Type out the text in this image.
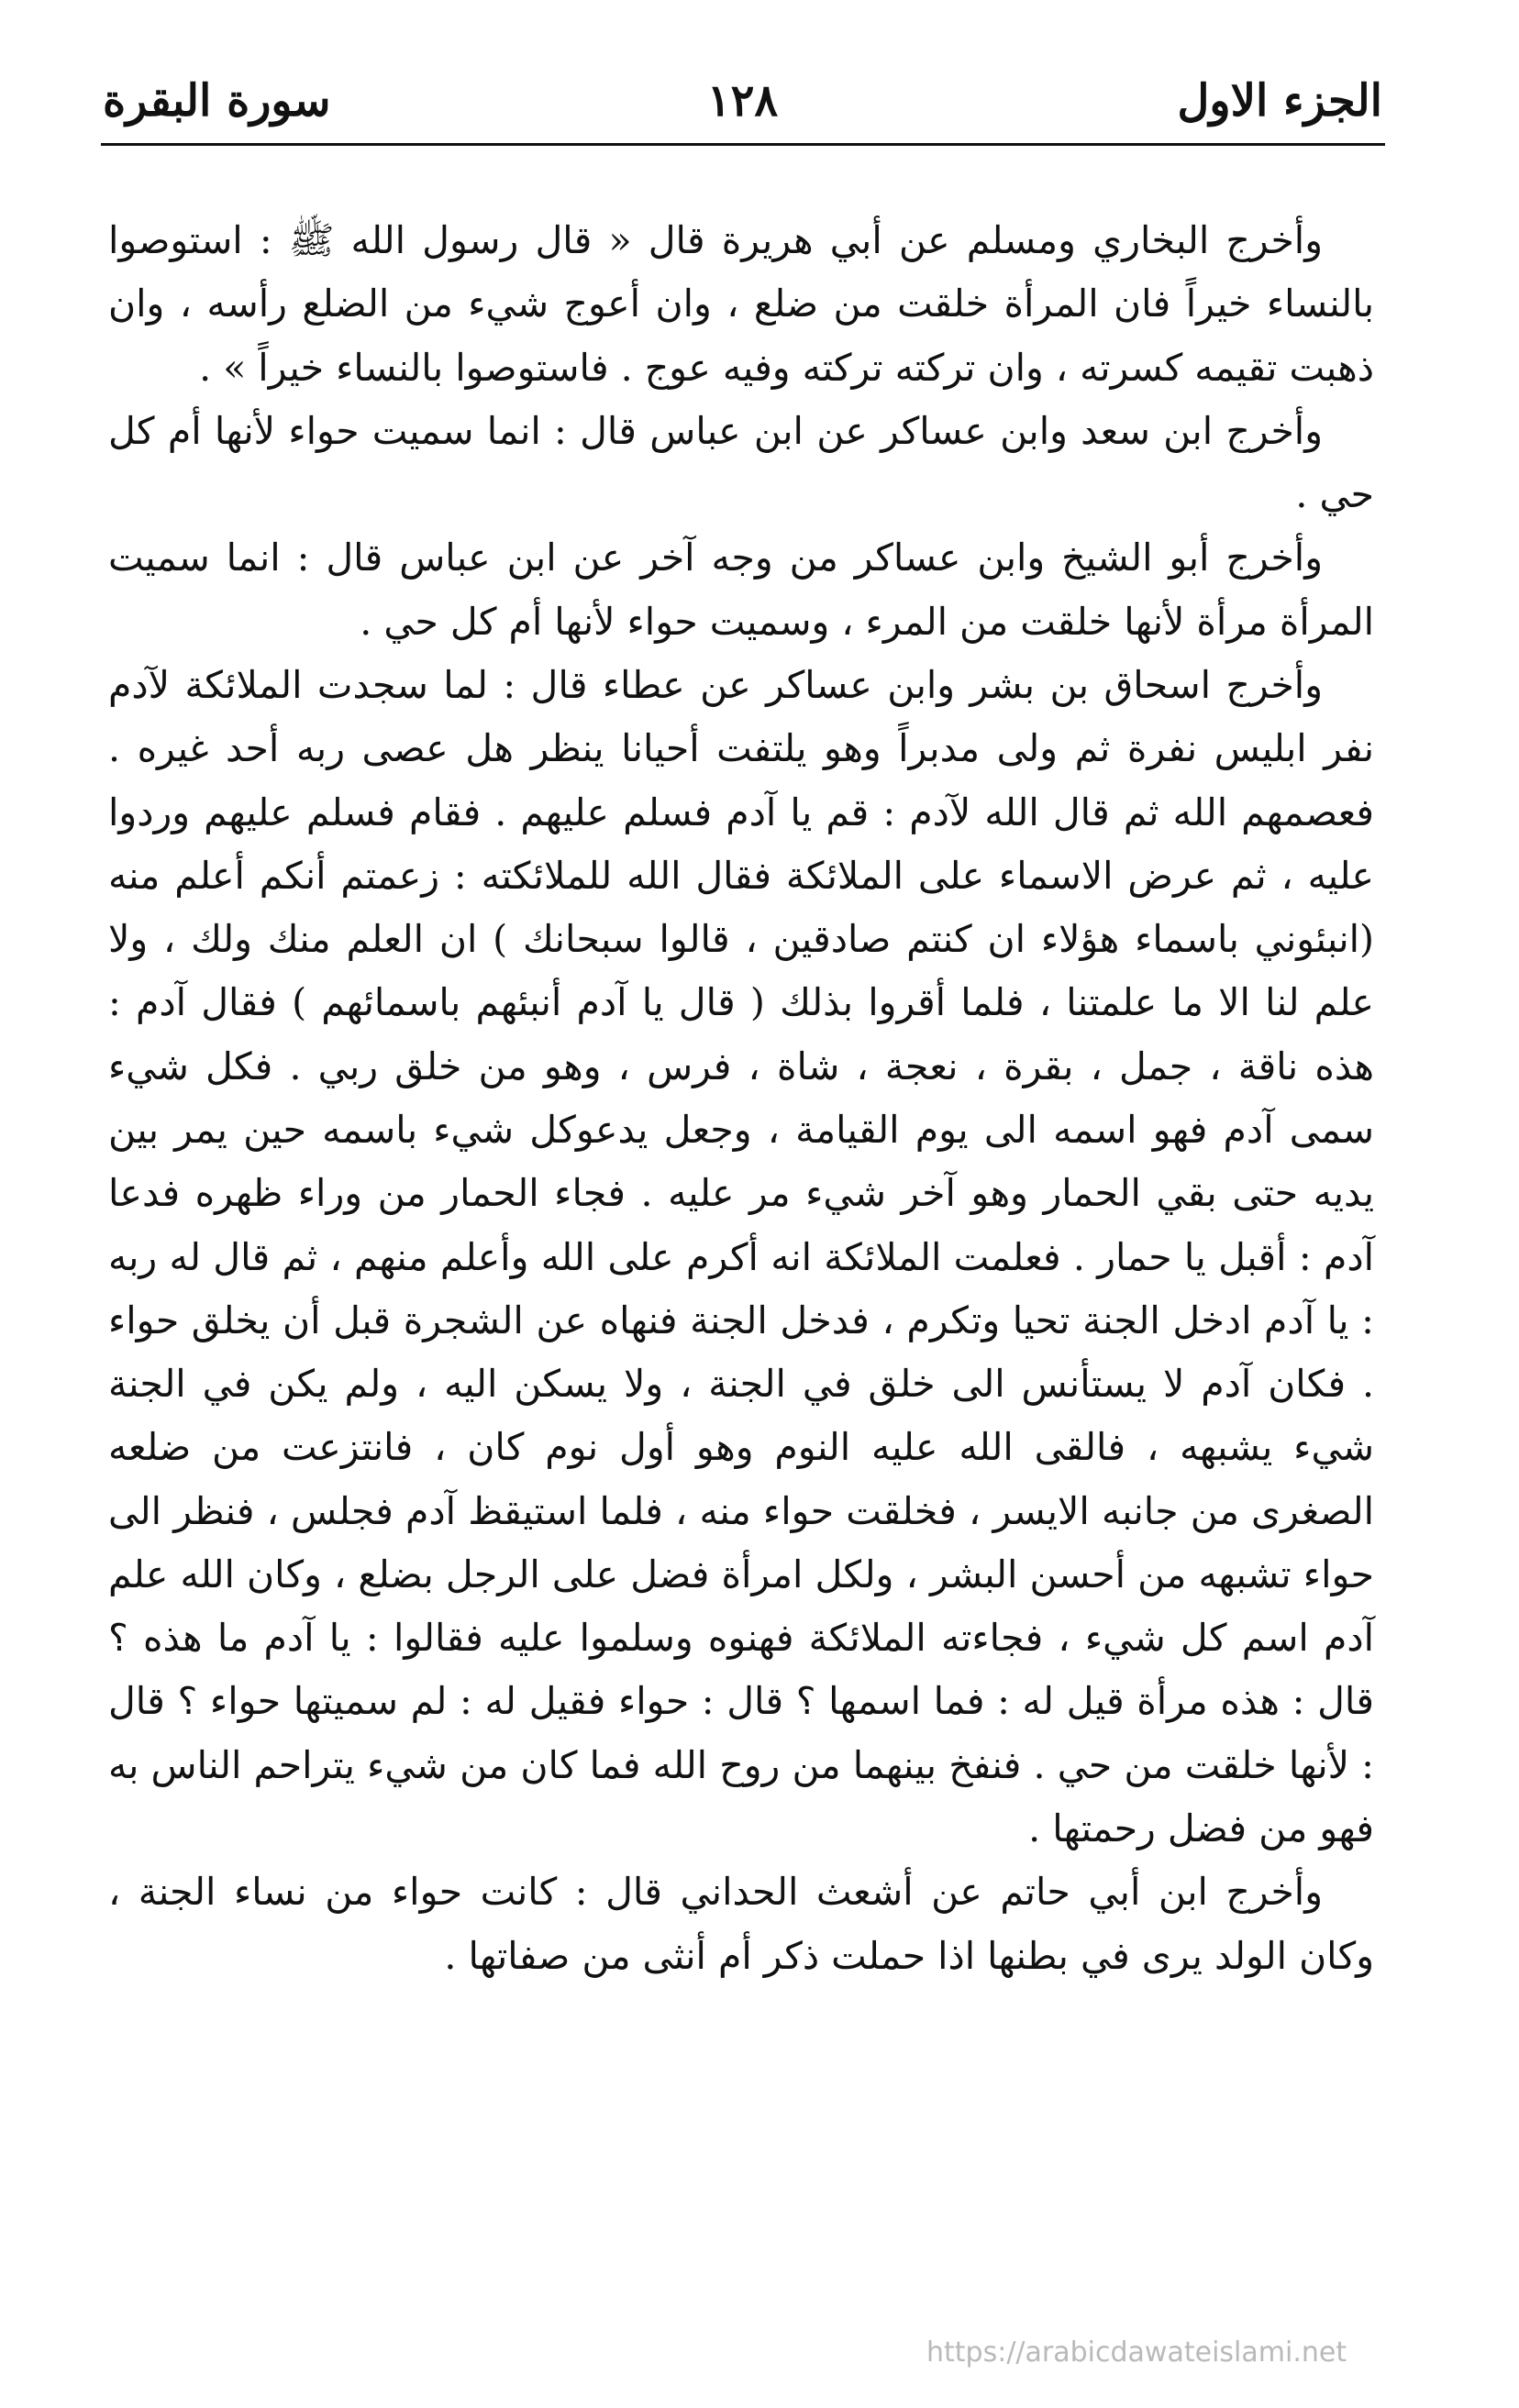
الجزء الاول
١٢٨
سورة البقرة

وأخرج البخاري ومسلم عن أبي هريرة قال « قال رسول الله ﷺ : استوصوا بالنساء خيراً فان المرأة خلقت من ضلع ، وان أعوج شيء من الضلع رأسه ، وان ذهبت تقيمه كسرته ، وان تركته تركته وفيه عوج . فاستوصوا بالنساء خيراً » .

وأخرج ابن سعد وابن عساكر عن ابن عباس قال : انما سميت حواء لأنها أم كل حي .

وأخرج أبو الشيخ وابن عساكر من وجه آخر عن ابن عباس قال : انما سميت المرأة مرأة لأنها خلقت من المرء ، وسميت حواء لأنها أم كل حي .

وأخرج اسحاق بن بشر وابن عساكر عن عطاء قال : لما سجدت الملائكة لآدم نفر ابليس نفرة ثم ولى مدبراً وهو يلتفت أحيانا ينظر هل عصى ربه أحد غيره . فعصمهم الله ثم قال الله لآدم : قم يا آدم فسلم عليهم . فقام فسلم عليهم وردوا عليه ، ثم عرض الاسماء على الملائكة فقال الله للملائكته : زعمتم أنكم أعلم منه (انبئوني باسماء هؤلاء ان كنتم صادقين ، قالوا سبحانك ) ان العلم منك ولك ، ولا علم لنا الا ما علمتنا ، فلما أقروا بذلك ( قال يا آدم أنبئهم باسمائهم ) فقال آدم : هذه ناقة ، جمل ، بقرة ، نعجة ، شاة ، فرس ، وهو من خلق ربي . فكل شيء سمى آدم فهو اسمه الى يوم القيامة ، وجعل يدعوكل شيء باسمه حين يمر بين يديه حتى بقي الحمار وهو آخر شيء مر عليه . فجاء الحمار من وراء ظهره فدعا آدم : أقبل يا حمار . فعلمت الملائكة انه أكرم على الله وأعلم منهم ، ثم قال له ربه : يا آدم ادخل الجنة تحيا وتكرم ، فدخل الجنة فنهاه عن الشجرة قبل أن يخلق حواء . فكان آدم لا يستأنس الى خلق في الجنة ، ولا يسكن اليه ، ولم يكن في الجنة شيء يشبهه ، فالقى الله عليه النوم وهو أول نوم كان ، فانتزعت من ضلعه الصغرى من جانبه الايسر ، فخلقت حواء منه ، فلما استيقظ آدم فجلس ، فنظر الى حواء تشبهه من أحسن البشر ، ولكل امرأة فضل على الرجل بضلع ، وكان الله علم آدم اسم كل شيء ، فجاءته الملائكة فهنوه وسلموا عليه فقالوا : يا آدم ما هذه ؟ قال : هذه مرأة قيل له : فما اسمها ؟ قال : حواء فقيل له : لم سميتها حواء ؟ قال : لأنها خلقت من حي . فنفخ بينهما من روح الله فما كان من شيء يتراحم الناس به فهو من فضل رحمتها .

وأخرج ابن أبي حاتم عن أشعث الحداني قال : كانت حواء من نساء الجنة ، وكان الولد يرى في بطنها اذا حملت ذكر أم أنثى من صفاتها .

https://arabicdawateislami.net
